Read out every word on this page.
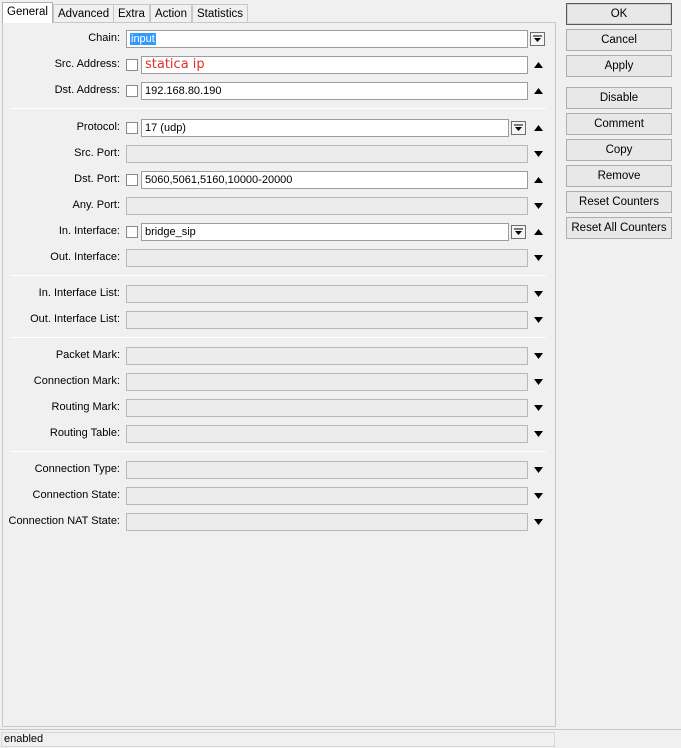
General Advanced Extra Action Statistics
Chain:	input
Src. Address:	statica ip
Dst. Address:	192.168.80.190
Protocol:	17 (udp)
Src. Port:
Dst. Port:	5060,5061,5160,10000-20000
Any. Port:
In. Interface:	bridge_sip
Out. Interface:
In. Interface List:
Out. Interface List:
Packet Mark:
Connection Mark:
Routing Mark:
Routing Table:
Connection Type:
Connection State:
Connection NAT State:
OK
Cancel
Apply
Disable
Comment
Copy
Remove
Reset Counters
Reset All Counters
enabled
